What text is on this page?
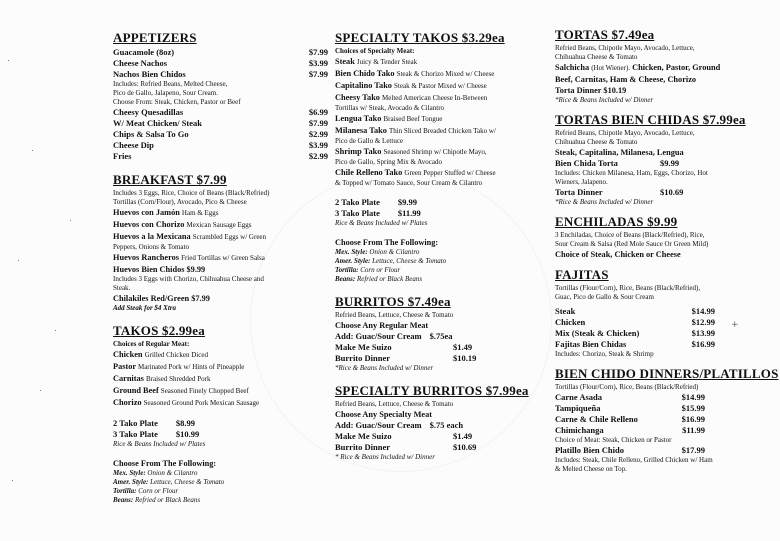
+
APPETIZERS
Guacamole (8oz)	$7.99
Cheese Nachos	$3.99
Nachos Bien Chidos	$7.99
Includes: Refried Beans, Melted Cheese,
Pico de Gallo, Jalapeno, Sour Cream.
Choose From: Steak, Chicken, Pastor or Beef
Cheesy Quesadillas	$6.99
W/ Meat Chicken/ Steak	$7.99
Chips & Salsa To Go	$2.99
Cheese Dip	$3.99
Fries	$2.99
BREAKFAST $7.99
Includes 3 Eggs, Rice, Choice of Beans (Black/Refried)
Tortillas (Corn/Flour), Avocado, Pico & Cheese
Huevos con Jamón Ham & Eggs
Huevos con Chorizo Mexican Sausage Eggs
Huevos a la Mexicana Scrambled Eggs w/ Green
Peppers, Onions & Tomato
Huevos Rancheros Fried Tortillas w/ Green Salsa
Huevos Bien Chidos $9.99
Includes 3 Eggs with Chorizo, Chihuahua Cheese and
Steak.
Chilakiles Red/Green $7.99
Add Steak for $4 Xtra
TAKOS $2.99ea
Choices of Regular Meat:
Chicken Grilled Chicken Diced
Pastor Marinated Pork w/ Hints of Pineapple
Carnitas Braised Shredded Pork
Ground Beef Seasoned Finely Chopped Beef
Chorizo Seasoned Ground Pork Mexican Sausage
2 Tako Plate $8.99
3 Tako Plate $10.99
Rice & Beans Included w/ Plates
Choose From The Following:
Mex. Style: Onion & Cilantro
Amer. Style: Lettuce, Cheese & Tomato
Tortilla: Corn or Flour
Beans: Refried or Black Beans
SPECIALTY TAKOS $3.29ea
Choices of Specialty Meat:
Steak Juicy & Tender Steak
Bien Chido Tako Steak & Chorizo Mixed w/ Cheese
Capitalino Tako Steak & Pastor Mixed w/ Cheese
Cheesy Tako Melted American Cheese In-Between
Tortillas w/ Steak, Avocado & Cilantro
Lengua Tako Braised Beef Tongue
Milanesa Tako Thin Sliced Breaded Chicken Tako w/
Pico de Gallo & Lettuce
Shrimp Tako Seasoned Shrimp w/ Chipotle Mayo,
Pico de Gallo, Spring Mix & Avocado
Chile Relleno Tako Green Pepper Stuffed w/ Cheese
& Topped w/ Tomato Sauce, Sour Cream & Cilantro
2 Tako Plate $9.99
3 Tako Plate $11.99
Rice & Beans Included w/ Plates
Choose From The Following:
Mex. Style: Onion & Cilantro
Amer. Style: Lettuce, Cheese & Tomato
Tortilla: Corn or Flour
Beans: Refried or Black Beans
BURRITOS $7.49ea
Refried Beans, Lettuce, Cheese & Tomato
Choose Any Regular Meat
Add: Guac/Sour Cream $.75ea
Make Me Suizo	$1.49
Burrito Dinner	$10.19
*Rice & Beans Included w/ Dinner
SPECIALTY BURRITOS $7.99ea
Refried Beans, Lettuce, Cheese & Tomato
Choose Any Specialty Meat
Add: Guac/Sour Cream $.75 each
Make Me Suizo	$1.49
Burrito Dinner	$10.69
* Rice & Beans Included w/ Dinner
TORTAS $7.49ea
Refried Beans, Chipotle Mayo, Avocado, Lettuce,
Chihuahua Cheese & Tomato
Salchicha (Hot Wiener). Chicken, Pastor, Ground
Beef, Carnitas, Ham & Cheese, Chorizo
Torta Dinner $10.19
*Rice & Beans Included w/ Dinner
TORTAS BIEN CHIDAS $7.99ea
Refried Beans, Chipotle Mayo, Avocado, Lettuce,
Chihuahua Cheese & Tomato
Steak, Capitalina, Milanesa, Lengua
Bien Chida Torta	$9.99
Includes: Chicken Milanesa, Ham, Eggs, Chorizo, Hot
Wieners, Jalapeno.
Torta Dinner	$10.69
*Rice & Beans Included w/ Dinner
ENCHILADAS $9.99
3 Enchiladas, Choice of Beans (Black/Refried), Rice,
Sour Cream & Salsa (Red Mole Sauce Or Green Mild)
Choice of Steak, Chicken or Cheese
FAJITAS
Tortillas (Flour/Corn), Rice, Beans (Black/Refried),
Guac, Pico de Gallo & Sour Cream
Steak	$14.99
Chicken	$12.99
Mix (Steak & Chicken)	$13.99
Fajitas Bien Chidas	$16.99
Includes: Chorizo, Steak & Shrimp
BIEN CHIDO DINNERS/PLATILLOS
Tortillas (Flour/Corn), Rice, Beans (Black/Refried)
Carne Asada	$14.99
Tampiqueña	$15.99
Carne & Chile Relleno	$16.99
Chimichanga	$11.99
Choice of Meat: Steak, Chicken or Pastor
Platillo Bien Chido	$17.99
Includes: Steak, Chile Relleno, Grilled Chicken w/ Ham
& Melted Cheese on Top.
